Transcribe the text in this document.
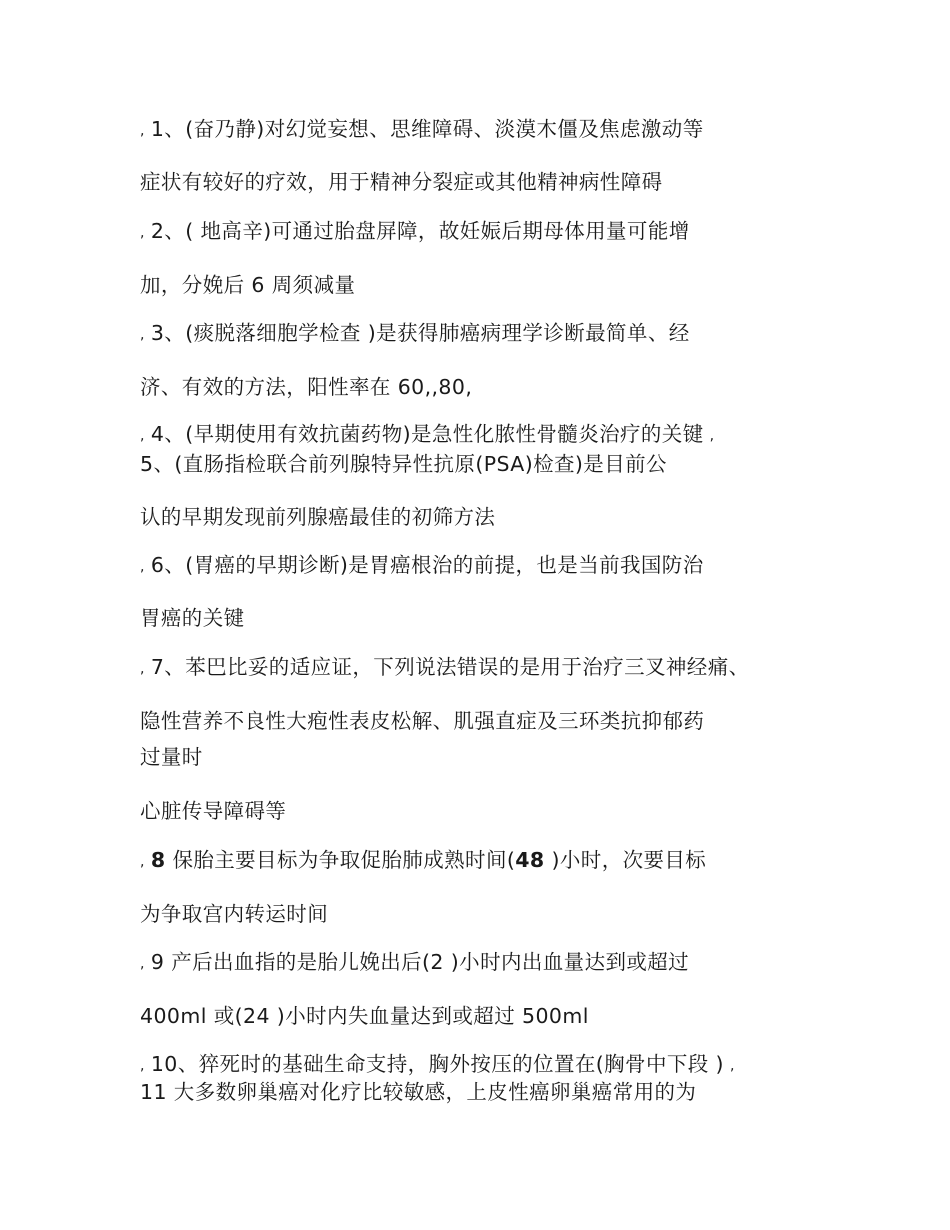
, 1、(奋乃静)对幻觉妄想、思维障碍、淡漠木僵及焦虑激动等
症状有较好的疗效，用于精神分裂症或其他精神病性障碍
, 2、( 地高辛)可通过胎盘屏障，故妊娠后期母体用量可能增
加，分娩后 6 周须减量
, 3、(痰脱落细胞学检查 )是获得肺癌病理学诊断最简单、经
济、有效的方法，阳性率在 60,,80,
, 4、(早期使用有效抗菌药物)是急性化脓性骨髓炎治疗的关键 ,
5、(直肠指检联合前列腺特异性抗原(PSA)检查)是目前公
认的早期发现前列腺癌最佳的初筛方法
, 6、(胃癌的早期诊断)是胃癌根治的前提，也是当前我国防治
胃癌的关键
, 7、苯巴比妥的适应证，下列说法错误的是用于治疗三叉神经痛、
隐性营养不良性大疱性表皮松解、肌强直症及三环类抗抑郁药
过量时
心脏传导障碍等
, 8 保胎主要目标为争取促胎肺成熟时间(48 )小时，次要目标
为争取宫内转运时间
, 9 产后出血指的是胎儿娩出后(2 )小时内出血量达到或超过
400ml 或(24 )小时内失血量达到或超过 500ml
, 10、猝死时的基础生命支持，胸外按压的位置在(胸骨中下段 ) ,
11 大多数卵巢癌对化疗比较敏感，上皮性癌卵巢癌常用的为
